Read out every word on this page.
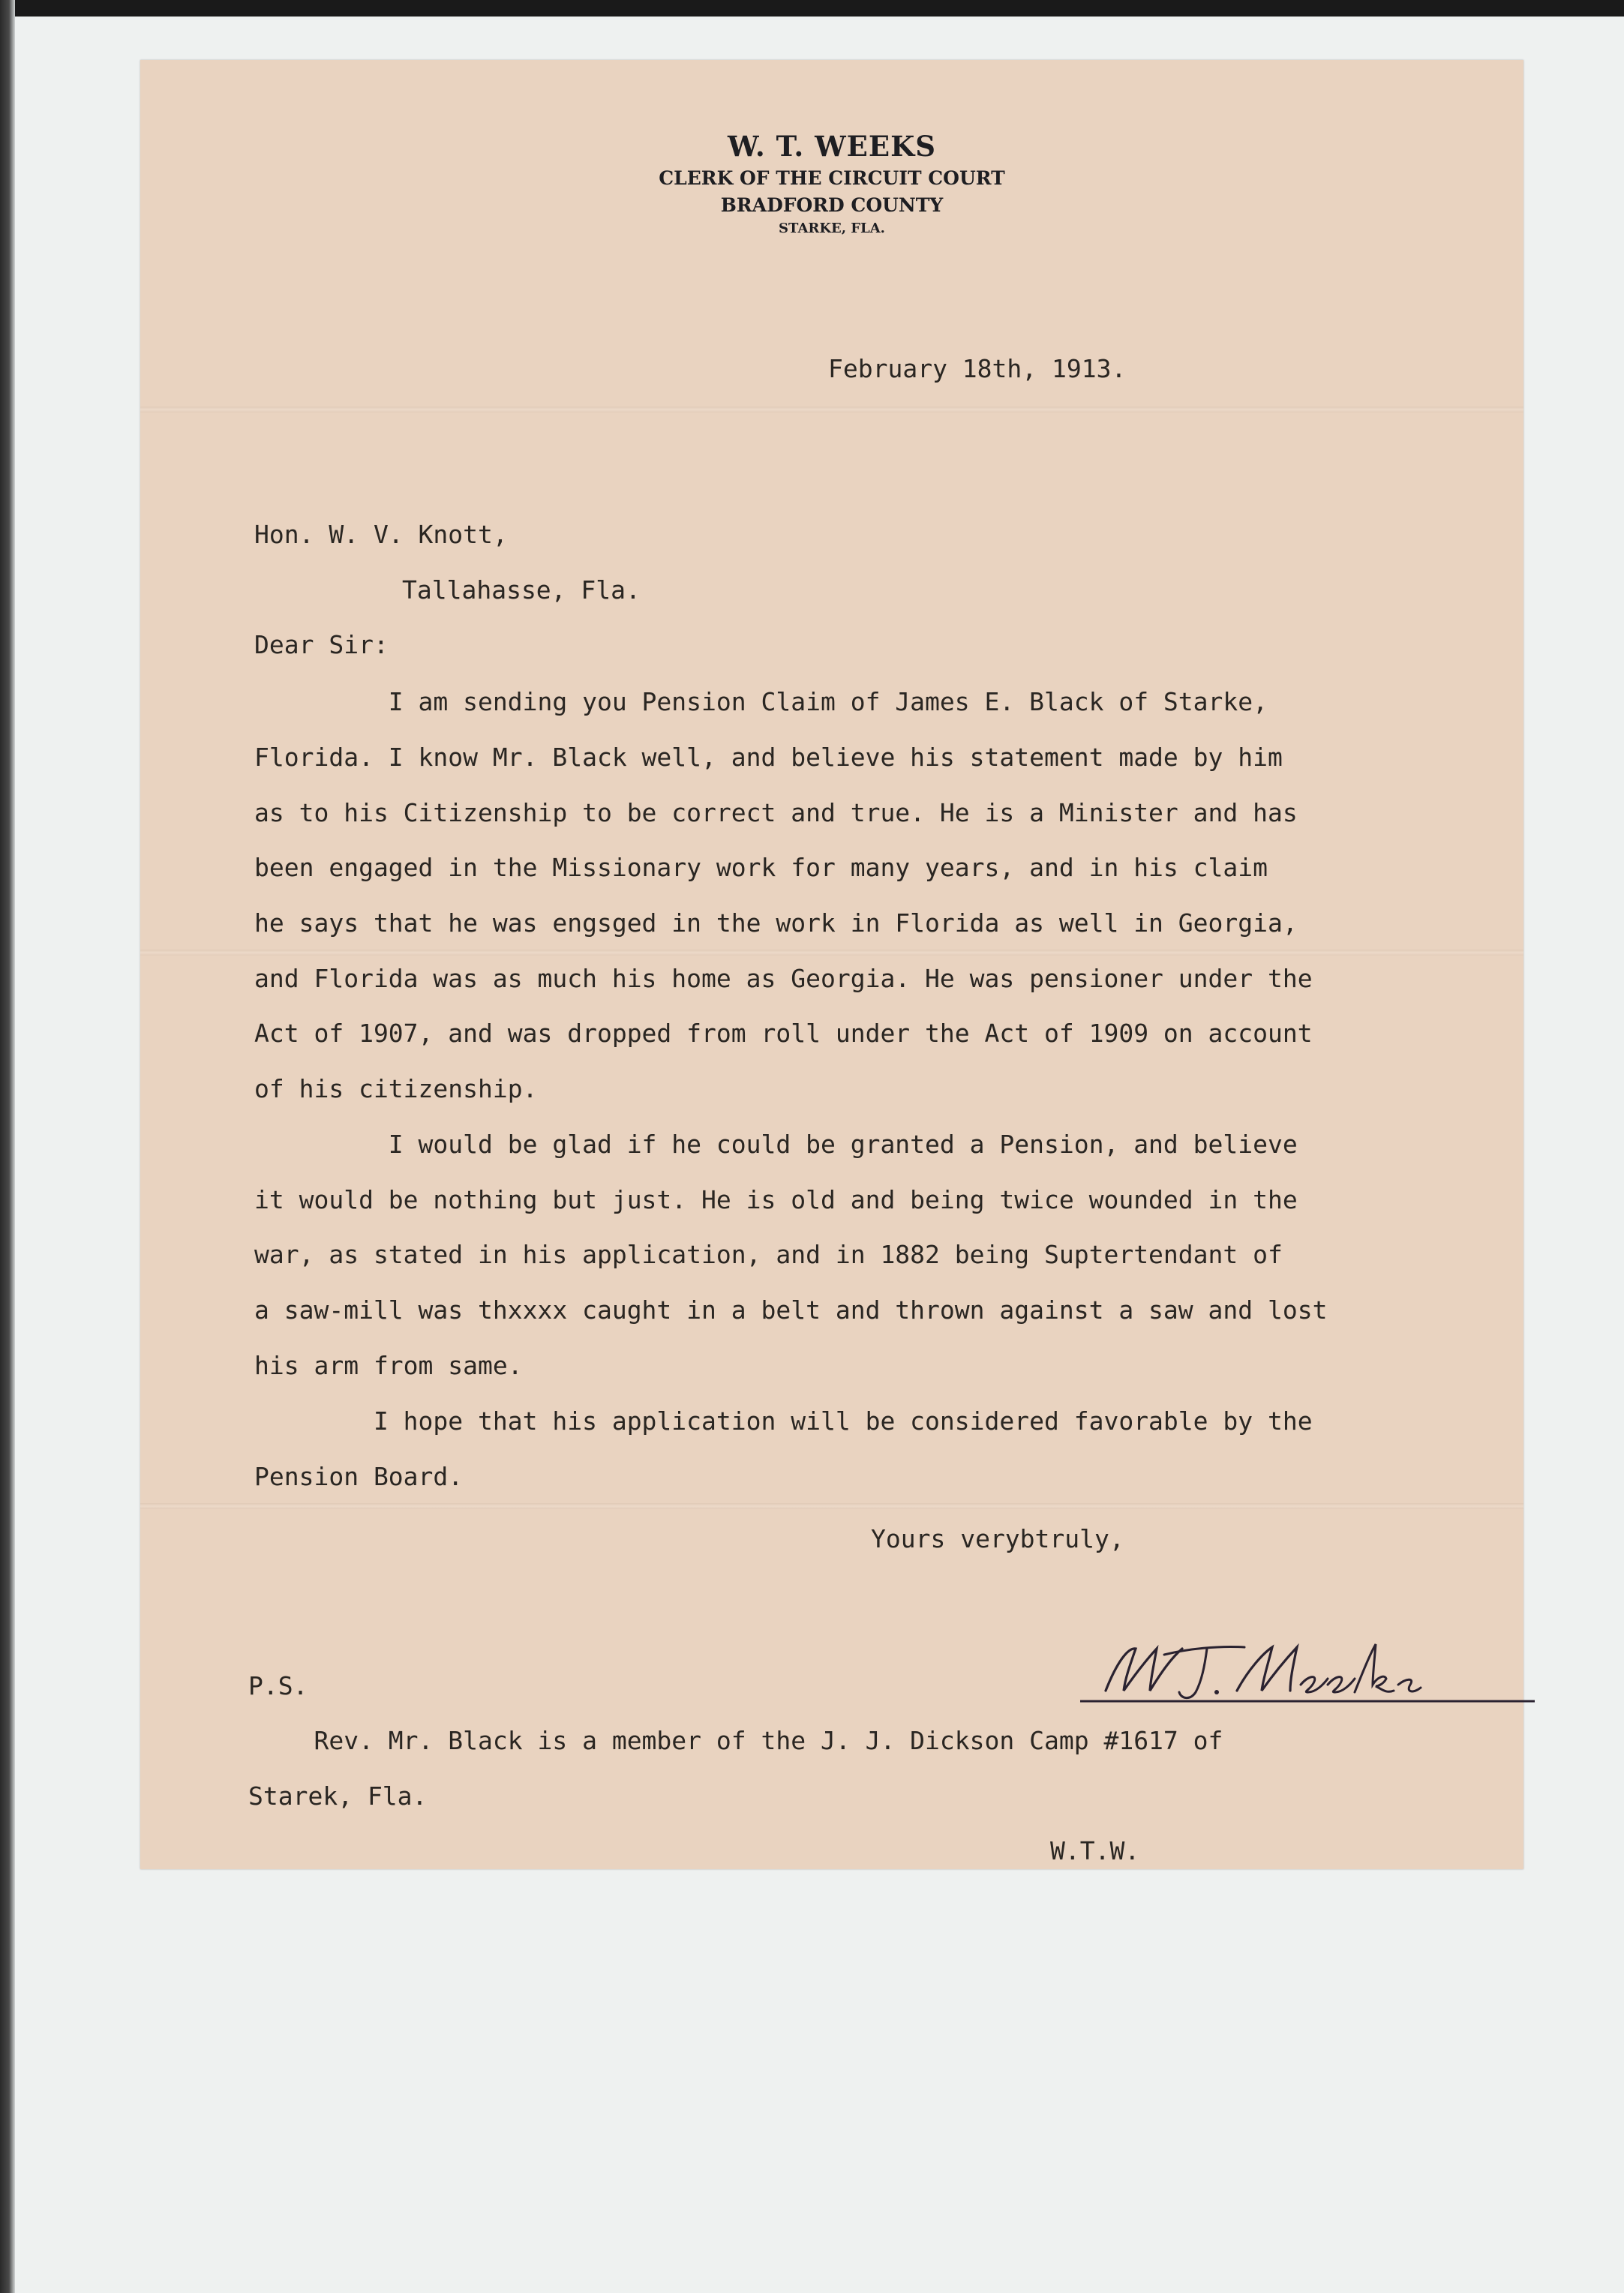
W. T. WEEKS
CLERK OF THE CIRCUIT COURT
BRADFORD COUNTY
STARKE, FLA.
February 18th, 1913.
Hon. W. V. Knott,
Tallahasse, Fla.
Dear Sir:
I am sending you Pension Claim of James E. Black of Starke,
Florida. I know Mr. Black well, and believe his statement made by him
as to his Citizenship to be correct and true. He is a Minister and has
been engaged in the Missionary work for many years, and in his claim
he says that he was engsged in the work in Florida as well in Georgia,
and Florida was as much his home as Georgia. He was pensioner under the
Act of 1907, and was dropped from roll under the Act of 1909 on account
of his citizenship.
I would be glad if he could be granted a Pension, and believe
it would be nothing but just. He is old and being twice wounded in the
war, as stated in his application, and in 1882 being Suptertendant of
a saw-mill was thxxxx caught in a belt and thrown against a saw and lost
his arm from same.
I hope that his application will be considered favorable by the
Pension Board.
Yours verybtruly,
P.S.
Rev. Mr. Black is a member of the J. J. Dickson Camp #1617 of
Starek, Fla.
W.T.W.
